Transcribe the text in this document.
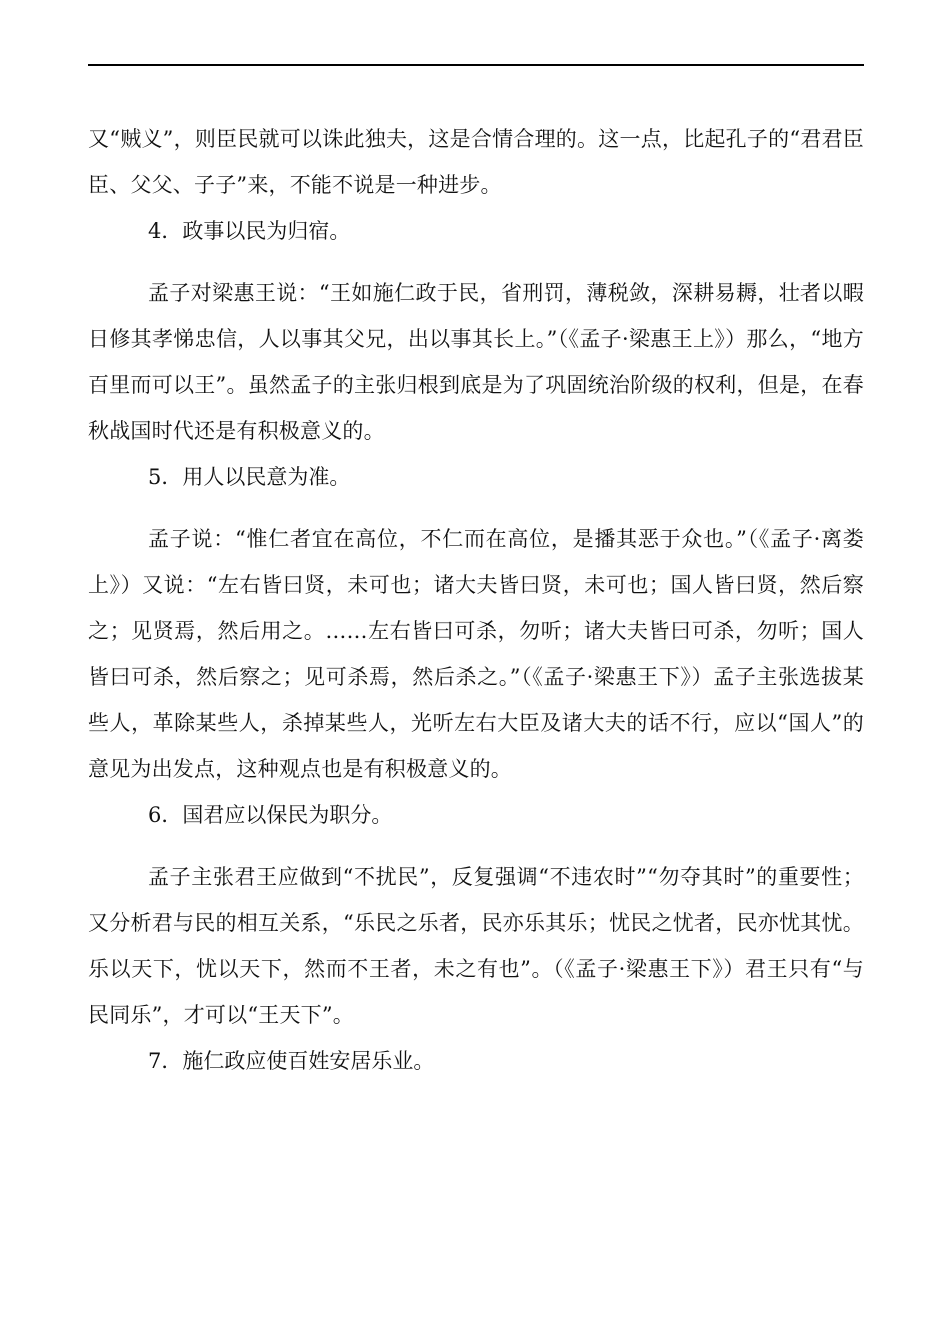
又“贼义”，则臣民就可以诛此独夫，这是合情合理的。这一点，比起孔子的“君君臣臣、父父、子子”来，不能不说是一种进步。

4．政事以民为归宿。

孟子对梁惠王说：“王如施仁政于民，省刑罚，薄税敛，深耕易耨，壮者以暇日修其孝悌忠信，人以事其父兄，出以事其长上。”（《孟子·梁惠王上》）那么，“地方百里而可以王”。虽然孟子的主张归根到底是为了巩固统治阶级的权利，但是，在春秋战国时代还是有积极意义的。

5．用人以民意为准。

孟子说：“惟仁者宜在高位，不仁而在高位，是播其恶于众也。”（《孟子·离娄上》）又说：“左右皆曰贤，未可也；诸大夫皆曰贤，未可也；国人皆曰贤，然后察之；见贤焉，然后用之。……左右皆曰可杀，勿听；诸大夫皆曰可杀，勿听；国人皆曰可杀，然后察之；见可杀焉，然后杀之。”（《孟子·梁惠王下》）孟子主张选拔某些人，革除某些人，杀掉某些人，光听左右大臣及诸大夫的话不行，应以“国人”的意见为出发点，这种观点也是有积极意义的。

6．国君应以保民为职分。

孟子主张君王应做到“不扰民”，反复强调“不违农时”“勿夺其时”的重要性；又分析君与民的相互关系，“乐民之乐者，民亦乐其乐；忧民之忧者，民亦忧其忧。乐以天下，忧以天下，然而不王者，未之有也”。（《孟子·梁惠王下》）君王只有“与民同乐”，才可以“王天下”。

7．施仁政应使百姓安居乐业。
